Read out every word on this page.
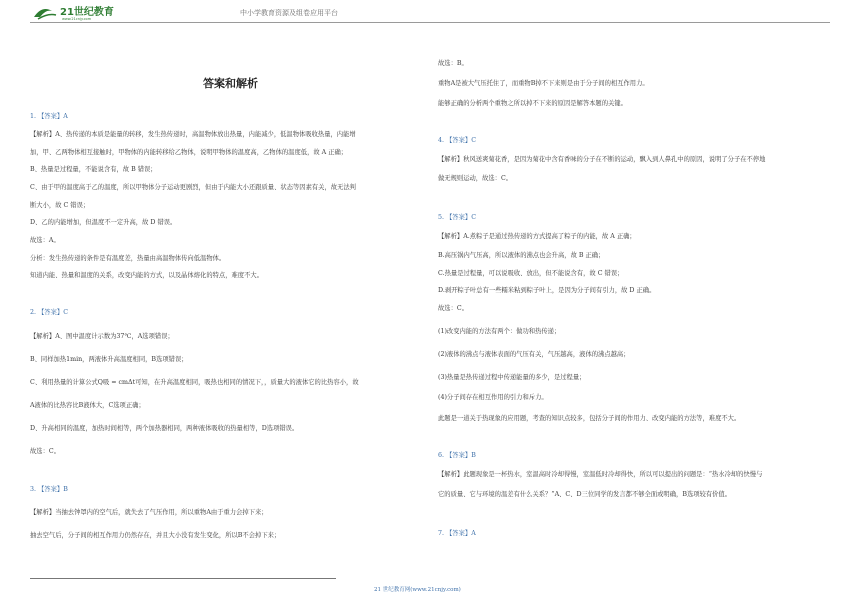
21世纪教育
www.21cnjy.com
中小学教育资源及组卷应用平台
答案和解析
1. 【答案】A
【解析】A、热传递的本质是能量的转移，发生热传递时，高温物体放出热量，内能减少，低温物体吸收热量，内能增
加，甲、乙两物体相互接触时，甲物体的内能转移给乙物体，说明甲物体的温度高，乙物体的温度低，故 A 正确；
B、热量是过程量，不能说含有，故 B 错误；
C、由于甲的温度高于乙的温度，所以甲物体分子运动更剧烈，但由于内能大小还跟质量、状态等因素有关，故无法判
断大小，故 C 错误；
D、乙的内能增加，但温度不一定升高，故 D 错误。
故选：A。
分析：发生热传递的条件是有温度差，热量由高温物体传向低温物体。
知道内能、热量和温度的关系，改变内能的方式，以及晶体熔化的特点，难度不大。
2. 【答案】C
【解析】A、图中温度计示数为37℃，A选项错误；
B、同样加热1min，两液体升高温度相同，B选项错误；
C、利用热量的计算公式Q吸 = cmΔt可知，在升高温度相同，吸热也相同的情况下，，质量大的液体它的比热容小，故
A液体的比热容比B液体大，C选项正确；
D、升高相同的温度，加热时间相等，两个加热器相同，两种液体吸收的热量相等，D选项错误。
故选：C。
3. 【答案】B
【解析】当抽去钟罩内的空气后，就失去了气压作用，所以重物A由于重力会掉下来；
抽去空气后，分子间的相互作用力仍然存在，并且大小没有发生变化，所以B不会掉下来；
故选：B。
重物A是被大气压托住了，而重物B掉不下来则是由于分子间的相互作用力。
能够正确的分析两个重物之所以掉不下来的原因是解答本题的关键。
4. 【答案】C
【解析】秋风送爽菊花香，是因为菊花中含有香味的分子在不断的运动，飘入到人鼻孔中的原因，说明了分子在不停地
做无规则运动，故选：C。
5. 【答案】C
【解析】A.煮粽子是通过热传递的方式提高了粽子的内能，故 A 正确；
B.高压锅内气压高，所以液体的沸点也会升高，故 B 正确；
C.热量是过程量，可以说吸收、放出，但不能说含有，故 C 错误；
D.剥开粽子叶总有一些糯米粘到粽子叶上，是因为分子间有引力，故 D 正确。
故选：C。
(1)改变内能的方法有两个：做功和热传递；
(2)液体的沸点与液体表面的气压有关，气压越高，液体的沸点越高；
(3)热量是热传递过程中传递能量的多少，是过程量；
(4)分子间存在相互作用的引力和斥力。
此题是一道关于热现象的应用题，考查的知识点较多，包括分子间的作用力、改变内能的方法等，难度不大。
6. 【答案】B
【解析】此题现象是一杯热水，室温高时冷却得慢，室温低时冷却得快，所以可以提出的问题是：“热水冷却的快慢与
它的质量、它与环境的温差有什么关系？”A、C、D三位同学的发言都不够全面或明确，B选项较有价值。
7. 【答案】A
21 世纪教育网(www.21cnjy.com)
